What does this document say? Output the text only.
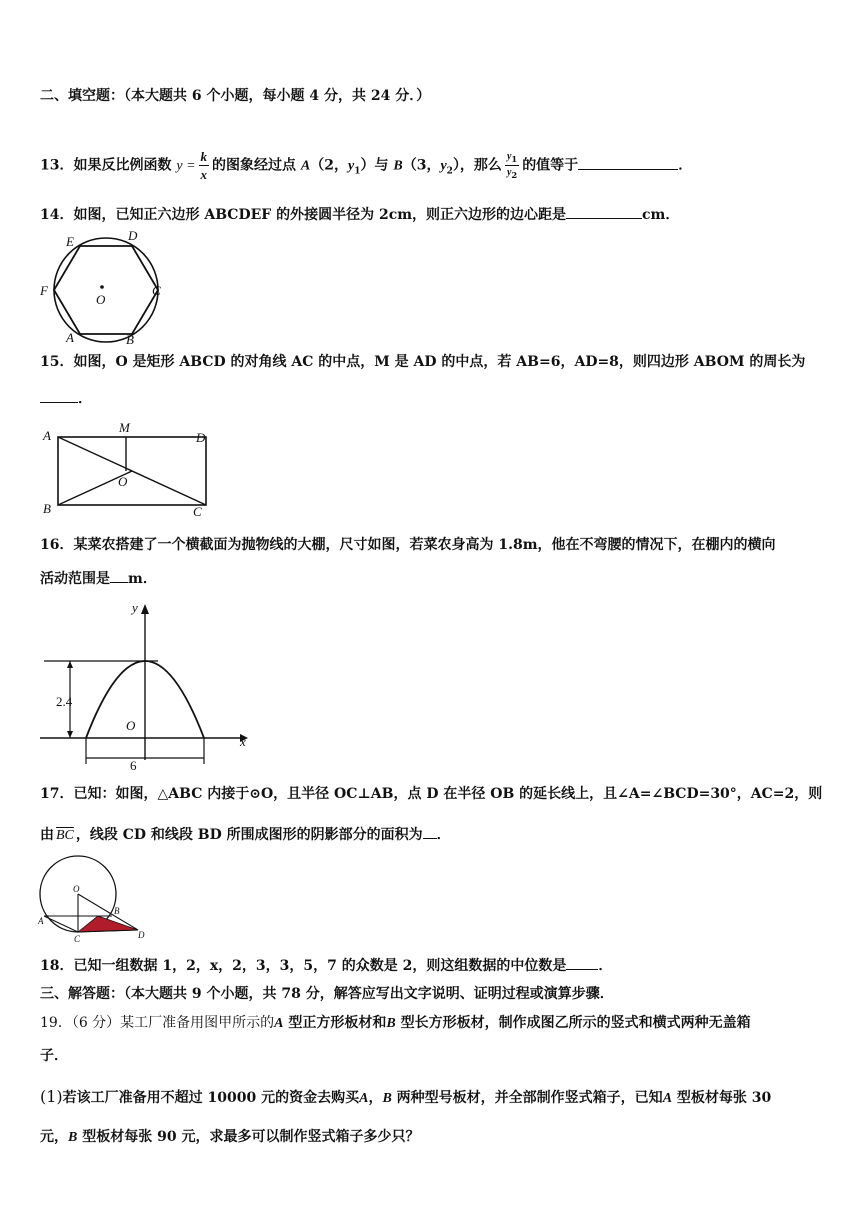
二、填空题：（本大题共 6 个小题，每小题 4 分，共 24 分．）
13．如果反比例函数 $y = \frac{k}{x}$ 的图象经过点 A（2，$y_1$）与 B（3，$y_2$），那么 $\frac{y_1}{y_2}$ 的值等于	．
14．如图，已知正六边形 ABCDEF 的外接圆半径为 2cm，则正六边形的边心距是	cm．
E	D
F
O
C
A	B
15．如图，O 是矩形 ABCD 的对角线 AC 的中点，M 是 AD 的中点，若 AB=6，AD=8，则四边形 ABOM 的周长为
．
A
M
D
O
B	C
16．某菜农搭建了一个横截面为抛物线的大棚，尺寸如图，若菜农身高为 1.8m，他在不弯腰的情况下，在棚内的横向
活动范围是 m．
y
x
O
2.4
6
17．已知：如图，△ABC 内接于⊙O，且半径 OC⊥AB，点 D 在半径 OB 的延长线上，且∠A=∠BCD=30°，AC=2，则
由 $\overline{BC}$ ，线段 CD 和线段 BD 所围成图形的阴影部分的面积为 ．
O
A
B
C	D
18．已知一组数据 1，2，x，2，3，3，5，7 的众数是 2，则这组数据的中位数是 ．
三、解答题：（本大题共 9 个小题，共 78 分，解答应写出文字说明、证明过程或演算步骤．
19．（6 分）某工厂准备用图甲所示的A 型正方形板材和B 型长方形板材，制作成图乙所示的竖式和横式两种无盖箱
子．
(1)若该工厂准备用不超过 10000 元的资金去购买A，B 两种型号板材，并全部制作竖式箱子，已知A 型板材每张 30
元，B 型板材每张 90 元，求最多可以制作竖式箱子多少只？
